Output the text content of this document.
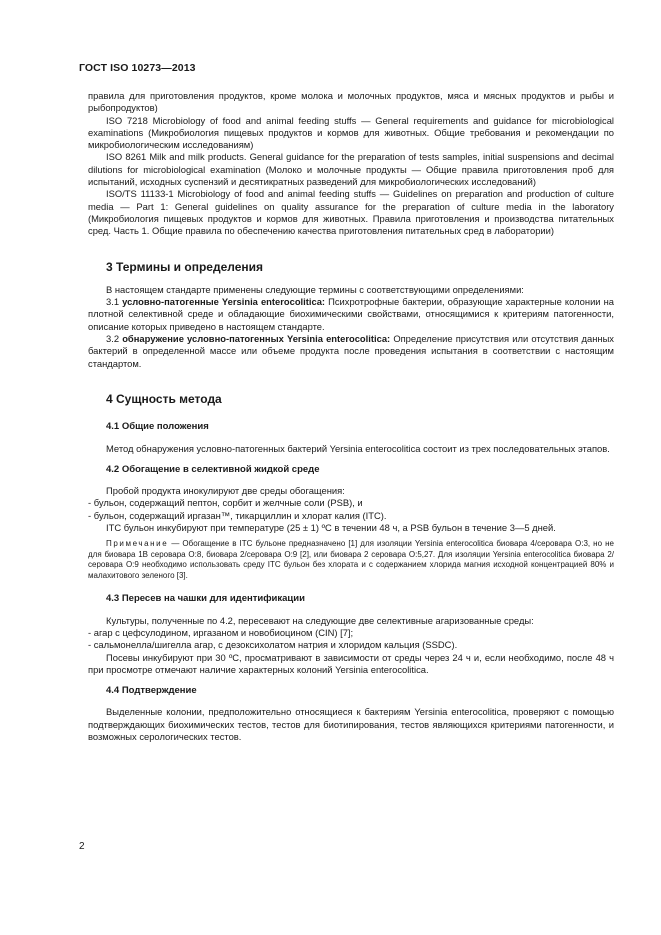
ГОСТ ISO 10273—2013

правила для приготовления продуктов, кроме молока и молочных продуктов, мяса и мясных продуктов и рыбы и рыбопродуктов)

ISO 7218 Microbiology of food and animal feeding stuffs — General requirements and guidance for microbiological examinations (Микробиология пищевых продуктов и кормов для животных. Общие требования и рекомендации по микробиологическим исследованиям)

ISO 8261 Milk and milk products. General guidance for the preparation of tests samples, initial suspensions and decimal dilutions for microbiological examination (Молоко и молочные продукты — Общие правила приготовления проб для испытаний, исходных суспензий и десятикратных разведений для микробиологических исследований)

ISO/TS 11133-1 Microbiology of food and animal feeding stuffs — Guidelines on preparation and production of culture media — Part 1: General guidelines on quality assurance for the preparation of culture media in the laboratory (Микробиология пищевых продуктов и кормов для животных. Правила приготовления и производства питательных сред. Часть 1. Общие правила по обеспечению качества приготовления питательных сред в лаборатории)

3 Термины и определения

В настоящем стандарте применены следующие термины с соответствующими определениями:

3.1 условно-патогенные Yersinia enterocolitica: Психротрофные бактерии, образующие характерные колонии на плотной селективной среде и обладающие биохимическими свойствами, относящимися к критериям патогенности, описание которых приведено в настоящем стандарте.

3.2 обнаружение условно-патогенных Yersinia enterocolitica: Определение присутствия или отсутствия данных бактерий в определенной массе или объеме продукта после проведения испытания в соответствии с настоящим стандартом.

4 Сущность метода
4.1 Общие положения

Метод обнаружения условно-патогенных бактерий Yersinia enterocolitica состоит из трех последовательных этапов.

4.2 Обогащение в селективной жидкой среде

Пробой продукта инокулируют две среды обогащения:

- бульон, содержащий пептон, сорбит и желчные соли (PSB), и

- бульон, содержащий иргазан™, тикарциллин и хлорат калия (ITC).

ITC бульон инкубируют при температуре (25 ± 1) ºС в течении 48 ч, а PSB бульон в течение 3—5 дней.

Примечание — Обогащение в ITC бульоне предназначено [1] для изоляции Yersinia enterocolitica биовара 4/серовара O:3, но не для биовара 1В серовара O:8, биовара 2/серовара O:9 [2], или биовара 2 серовара O:5,27. Для изоляции Yersinia enterocolitica биовара 2/серовара O:9 необходимо использовать среду ITC бульон без хлората и с содержанием хлорида магния исходной концентрацией 80% и малахитового зеленого [3].

4.3 Пересев на чашки для идентификации

Культуры, полученные по 4.2, пересевают на следующие две селективные агаризованные среды:

- агар с цефсулодином, иргазаном и новобиоцином (CIN) [7];

- сальмонелла/шигелла агар, с дезоксихолатом натрия и хлоридом кальция (SSDC).

Посевы инкубируют при 30 ºС, просматривают в зависимости от среды через 24 ч и, если необходимо, после 48 ч при просмотре отмечают наличие характерных колоний Yersinia enterocolitica.

4.4 Подтверждение

Выделенные колонии, предположительно относящиеся к бактериям Yersinia enterocolitica, проверяют с помощью подтверждающих биохимических тестов, тестов для биотипирования, тестов являющихся критериями патогенности, и возможных серологических тестов.

2
